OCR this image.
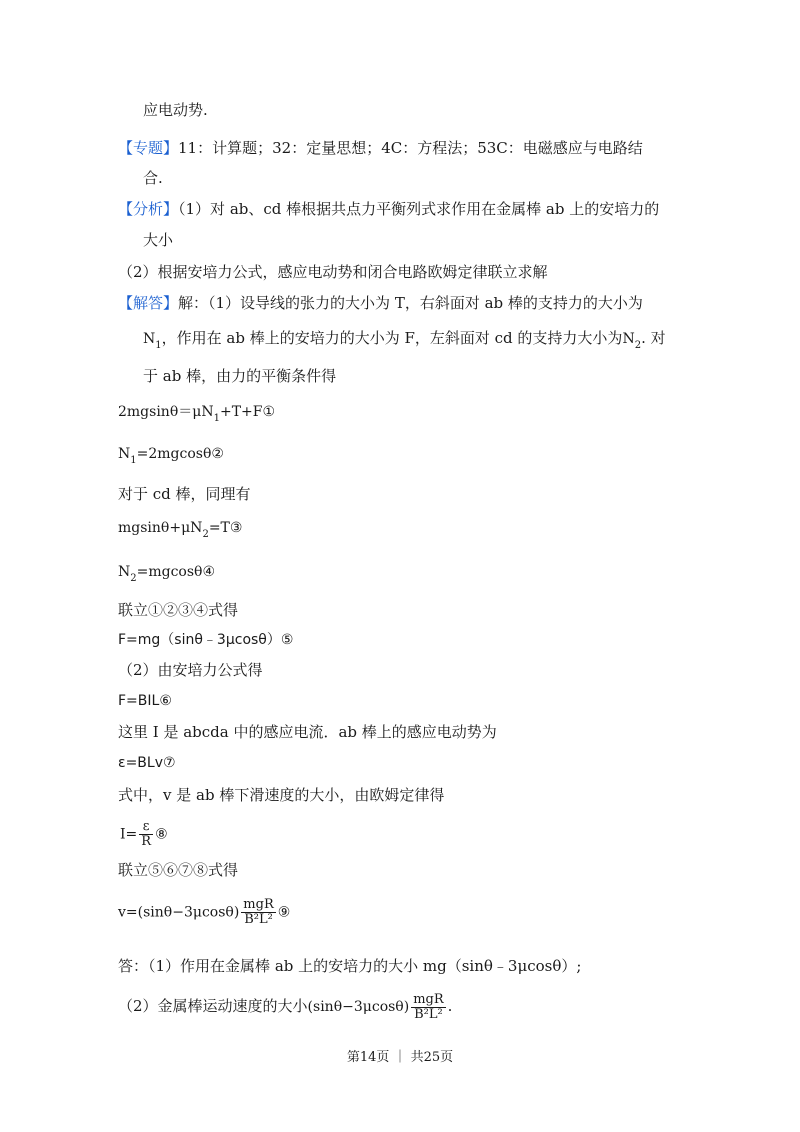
应电动势.
【专题】11：计算题；32：定量思想；4C：方程法；53C：电磁感应与电路结
合.
【分析】（1）对 ab、cd 棒根据共点力平衡列式求作用在金属棒 ab 上的安培力的
大小
（2）根据安培力公式，感应电动势和闭合电路欧姆定律联立求解
【解答】解：（1）设导线的张力的大小为 T，右斜面对 ab 棒的支持力的大小为
$N_1$，作用在 ab 棒上的安培力的大小为 F，左斜面对 cd 的支持力大小为$N_2$. 对
于 ab 棒，由力的平衡条件得
$2mgsin\theta=\mu N_1+T+F①$
$N_1=2mgcos\theta ②$
对于 cd 棒，同理有
$mgsin\theta+\mu N_2=T③$
$N_2=mgcos\theta ④$
联立①②③④式得
F=mg（sinθ﹣3μcosθ）⑤
（2）由安培力公式得
F=BIL⑥
这里 I 是 abcda 中的感应电流．ab 棒上的感应电动势为
ε=BLv⑦
式中，v 是 ab 棒下滑速度的大小，由欧姆定律得
$I= \frac{\varepsilon}{R}$ ⑧
联立⑤⑥⑦⑧式得
$v=(\sin\theta-3\mu\cos\theta) \frac{\text{mgR}}{\text{B²L²}}$ ⑨
答：（1）作用在金属棒 ab 上的安培力的大小 mg（sinθ﹣3μcosθ）;
（2）金属棒运动速度的大小$(\sin\theta-3\mu\cos\theta) \frac{\text{mgR}}{\text{B²L²}}$ .
第14页 ｜ 共25页
